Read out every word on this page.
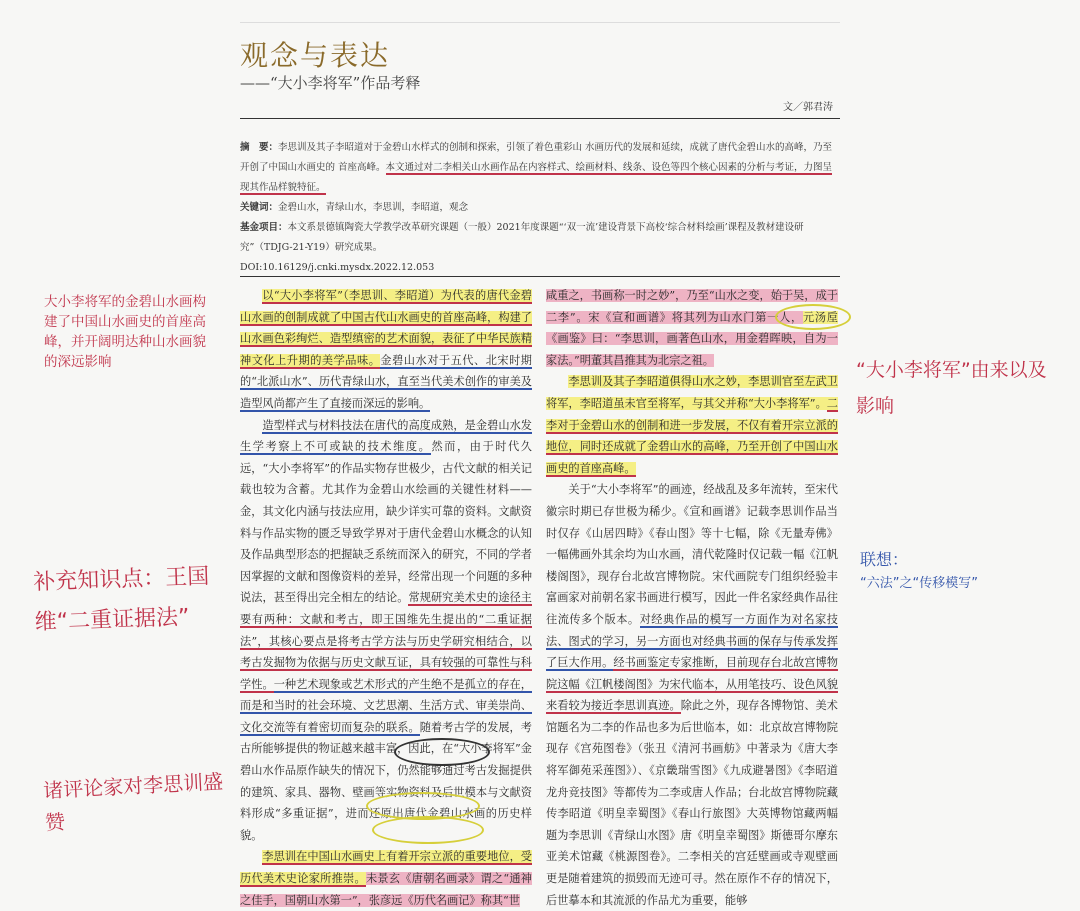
观念与表达
——“大小李将军”作品考释
文／郭君涛
摘　要：李思训及其子李昭道对于金碧山水样式的创制和探索，引领了着色重彩山 水画历代的发展和延续，成就了唐代金碧山水的高峰，乃至开创了中国山水画史的 首座高峰。本文通过对二李相关山水画作品在内容样式、绘画材料、线条、设色等四个核心因素的分析与考证，力图呈现其作品样貌特征。
关键词：金碧山水，青绿山水，李思训，李昭道，观念
基金项目：本文系景德镇陶瓷大学教学改革研究课题（一般）2021年度课题“‘双一流’建设背景下高校‘综合材料绘画’课程及教材建设研究”（TDJG-21-Y19）研究成果。
DOI:10.16129/j.cnki.mysdx.2022.12.053

以“大小李将军”（李思训、李昭道）为代表的唐代金碧山水画的创制成就了中国古代山水画史的首座高峰，构建了山水画色彩绚烂、造型缜密的艺术面貌，表征了中华民族精神文化上升期的美学品味。金碧山水对于五代、北宋时期的“北派山水”、历代青绿山水，直至当代美术创作的审美及造型风尚都产生了直接而深远的影响。

造型样式与材料技法在唐代的高度成熟，是金碧山水发生学考察上不可或缺的技术维度。然而，由于时代久远，“大小李将军”的作品实物存世极少，古代文献的相关记载也较为含蓄。尤其作为金碧山水绘画的关键性材料——金，其文化内涵与技法应用，缺少详实可靠的资料。文献资料与作品实物的匮乏导致学界对于唐代金碧山水概念的认知及作品典型形态的把握缺乏系统而深入的研究，不同的学者因掌握的文献和图像资料的差异，经常出现一个问题的多种说法，甚至得出完全相左的结论。常规研究美术史的途径主要有两种：文献和考古，即王国维先生提出的“二重证据法”，其核心要点是将考古学方法与历史学研究相结合，以考古发掘物为依据与历史文献互证，具有较强的可靠性与科学性。一种艺术现象或艺术形式的产生绝不是孤立的存在，而是和当时的社会环境、文艺思潮、生活方式、审美崇尚、文化交流等有着密切而复杂的联系。随着考古学的发展，考古所能够提供的物证越来越丰富，因此，在“大小李将军”金碧山水作品原作缺失的情况下，仍然能够通过考古发掘提供的建筑、家具、器物、壁画等实物资料及后世模本与文献资料形成“多重证据”，进而还原出唐代金碧山水画的历史样貌。

李思训在中国山水画史上有着开宗立派的重要地位，受历代美术史论家所推崇。未景玄《唐朝名画录》谓之“通神之佳手，国朝山水第一”，张彦远《历代名画记》称其“世

咸重之，书画称一时之妙”，乃至“山水之变，始于吴，成于二李”。宋《宣和画谱》将其列为山水门第一人，元汤垕《画鉴》曰：“李思训，画著色山水，用金碧晖映，自为一家法。”明董其昌推其为北宗之祖。

李思训及其子李昭道俱得山水之妙，李思训官至左武卫将军，李昭道虽未官至将军，与其父并称“大小李将军”。二李对于金碧山水的创制和进一步发展，不仅有着开宗立派的地位，同时还成就了金碧山水的高峰，乃至开创了中国山水画史的首座高峰。

关于“大小李将军”的画迹，经战乱及多年流转，至宋代徽宗时期已存世极为稀少。《宣和画谱》记载李思训作品当时仅存《山居四畤》《春山图》等十七幅，除《无量寿佛》一幅佛画外其余均为山水画，清代乾隆时仅记载一幅《江帆楼阁图》，现存台北故宫博物院。宋代画院专门组织经验丰富画家对前朝名家书画进行模写，因此一件名家经典作品往往流传多个版本。对经典作品的模写一方面作为对名家技法、图式的学习，另一方面也对经典书画的保存与传承发挥了巨大作用。经书画鉴定专家推断，目前现存台北故宫博物院这幅《江帆楼阁图》为宋代临本，从用笔技巧、设色风貌来看较为接近李思训真迹。除此之外，现存各博物馆、美术馆题名为二李的作品也多为后世临本，如：北京故宫博物院现存《宫苑图卷》（张丑《清河书画舫》中著录为《唐大李将军御苑采莲图》）、《京畿瑞雪图》《九成避暑图》《李昭道龙舟竞技图》等都传为二李或唐人作品；台北故宫博物院藏传李昭道《明皇幸蜀图》《春山行旅图》大英博物馆藏两幅题为李思训《青绿山水图》唐《明皇幸蜀图》斯德哥尔摩东亚美术馆藏《桃源图卷》。二李相关的宫廷壁画或寺观壁画更是随着建筑的损毁而无迹可寻。然在原作不存的情况下，后世摹本和其流派的作品尤为重要，能够

大小李将军的金碧山水画构建了中国山水画史的首座高峰，并开阔明达种山水画貌的深远影响
补充知识点：王国维“二重证据法”
诸评论家对李思训盛赞
“大小李将军”由来以及影响
联想：
“六法”之“传移模写”
